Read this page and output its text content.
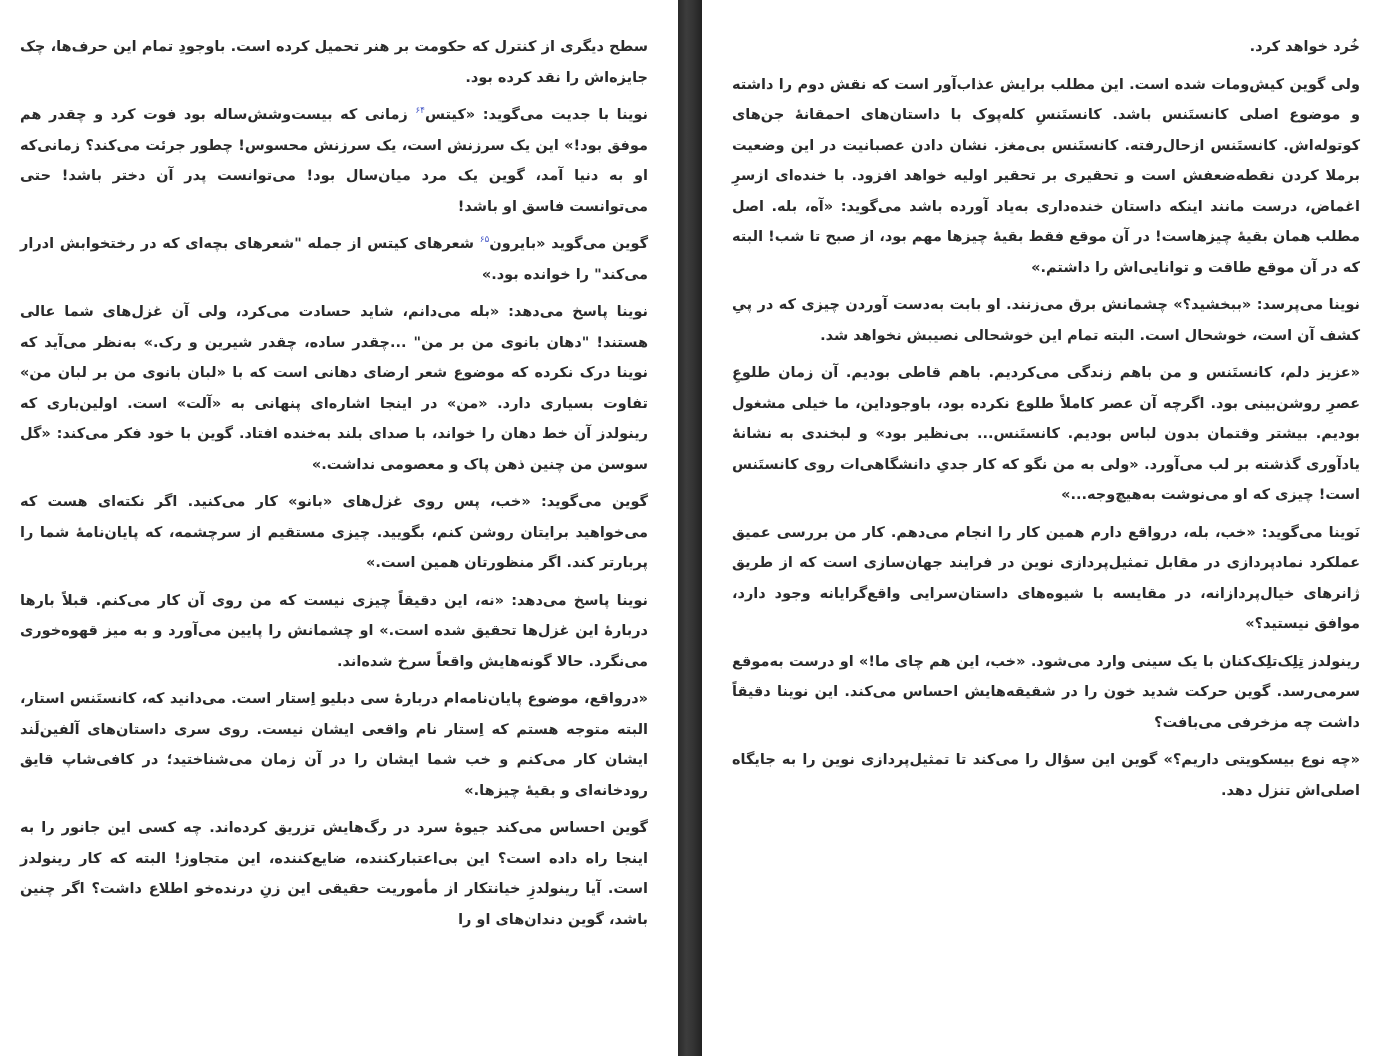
سطح دیگری از کنترل که حکومت بر هنر تحمیل کرده است. باوجودِ تمام این حرف‌ها، چک جایزه‌اش را نقد کرده بود.

نوینا با جدیت می‌گوید: «کیتس$^{۶۴}$ زمانی که بیست‌وشش‌ساله بود فوت کرد و چقدر هم موفق بود!» این یک سرزنش است، یک سرزنش محسوس! چطور جرئت می‌کند؟ زمانی‌که او به دنیا آمد، گوین یک مرد میان‌سال بود! می‌توانست پدر آن دختر باشد! حتی می‌توانست فاسق او باشد!

گوین می‌گوید «بایرون$^{۶۵}$ شعرهای کیتس از جمله "شعرهای بچه‌ای که در رختخوابش ادرار می‌کند" را خوانده بود.»

نوینا پاسخ می‌دهد: «بله می‌دانم، شاید حسادت می‌کرد، ولی آن غزل‌های شما عالی هستند! "دهان بانوی من بر من" ...چقدر ساده، چقدر شیرین و رک.» به‌نظر می‌آید که نوینا درک نکرده که موضوع شعر ارضای دهانی است که با «لبان بانوی من بر لبان من» تفاوت بسیاری دارد. «من» در اینجا اشاره‌ای پنهانی به «آلت» است. اولین‌باری که رینولدز آن خط دهان را خواند، با صدای بلند به‌خنده افتاد. گوین با خود فکر می‌کند: «گل سوسن من چنین ذهن پاک و معصومی نداشت.»

گوین می‌گوید: «خب، پس روی غزل‌های «بانو» کار می‌کنید. اگر نکته‌ای هست که می‌خواهید برایتان روشن کنم، بگویید. چیزی مستقیم از سرچشمه، که پایان‌نامهٔ شما را پربارتر کند. اگر منظورتان همین است.»

نوینا پاسخ می‌دهد: «نه، این دقیقاً چیزی نیست که من روی آن کار می‌کنم. قبلاً بارها دربارهٔ این غزل‌ها تحقیق شده است.» او چشمانش را پایین می‌آورد و به میز قهوه‌خوری می‌نگرد. حالا گونه‌هایش واقعاً سرخ شده‌اند.

«درواقع، موضوع پایان‌نامه‌ام دربارهٔ سی دبلیو اِستار است. می‌دانید که، کانستَنس استار، البته متوجه هستم که اِستار نام واقعی ایشان نیست. روی سری داستان‌های آلفین‌لَند ایشان کار می‌کنم و خب شما ایشان را در آن زمان می‌شناختید؛ در کافی‌شاپ قایق رودخانه‌ای و بقیهٔ چیزها.»

گوین احساس می‌کند جیوهٔ سرد در رگ‌هایش تزریق کرده‌اند. چه کسی این جانور را به اینجا راه داده است؟ این بی‌اعتبارکننده، ضایع‌کننده، این متجاوز! البته که کار رینولدز است. آیا رینولدزِ خیانتکار از مأموریت حقیقی این زنِ درنده‌خو اطلاع داشت؟ اگر چنین باشد، گوین دندان‌های او را

خُرد خواهد کرد.

ولی گوین کیش‌ومات شده است. این مطلب برایش عذاب‌آور است که نقش دوم را داشته و موضوع اصلی کانستَنس باشد. کانستَنسِ کله‌پوک با داستان‌های احمقانهٔ جن‌های کوتوله‌اش. کانستَنس ازحال‌رفته. کانستَنس بی‌مغز. نشان دادن عصبانیت در این وضعیت برملا کردن نقطه‌ضعفش است و تحقیری بر تحقیر اولیه خواهد افزود. با خنده‌ای ازسرِ اغماض، درست مانند اینکه داستان خنده‌داری به‌یاد آورده باشد می‌گوید: «آه، بله. اصل مطلب همان بقیهٔ چیزهاست! در آن موقع فقط بقیهٔ چیزها مهم بود، از صبح تا شب! البته که در آن موقع طاقت و توانایی‌اش را داشتم.»

نوینا می‌پرسد: «ببخشید؟» چشمانش برق می‌زنند. او بابت به‌دست آوردن چیزی که در پیِ کشف آن است، خوشحال است. البته تمام این خوشحالی نصیبش نخواهد شد.

«عزیز دلم، کانستَنس و من باهم زندگی می‌کردیم. باهم قاطی بودیم. آن زمان طلوعِ عصرِ روشن‌بینی بود. اگرچه آن عصر کاملاً طلوع نکرده بود، باوجوداین، ما خیلی مشغول بودیم. بیشتر وقتمان بدون لباس بودیم. کانستَنس... بی‌نظیر بود» و لبخندی به نشانهٔ یادآوری گذشته بر لب می‌آورد. «ولی به من نگو که کار جدیِ دانشگاهی‌ات روی کانستَنس است! چیزی که او می‌نوشت به‌هیچ‌وجه...»

نَوینا می‌گوید: «خب، بله، درواقع دارم همین کار را انجام می‌دهم. کار من بررسی عمیق عملکرد نمادپردازی در مقابل تمثیل‌پردازی نوین در فرایند جهان‌سازی است که از طریق ژانرهای خیال‌پردازانه، در مقایسه با شیوه‌های داستان‌سرایی واقع‌گرایانه وجود دارد، موافق نیستید؟»

رینولدز تِلِک‌تلِک‌کنان با یک سینی وارد می‌شود. «خب، این هم چای ما!» او درست به‌موقع سرمی‌رسد. گوین حرکت شدید خون را در شقیقه‌هایش احساس می‌کند. این نوینا دقیقاً داشت چه مزخرفی می‌بافت؟

«چه نوع بیسکویتی داریم؟» گوین این سؤال را می‌کند تا تمثیل‌پردازی نوین را به جایگاه اصلی‌اش تنزل دهد.
